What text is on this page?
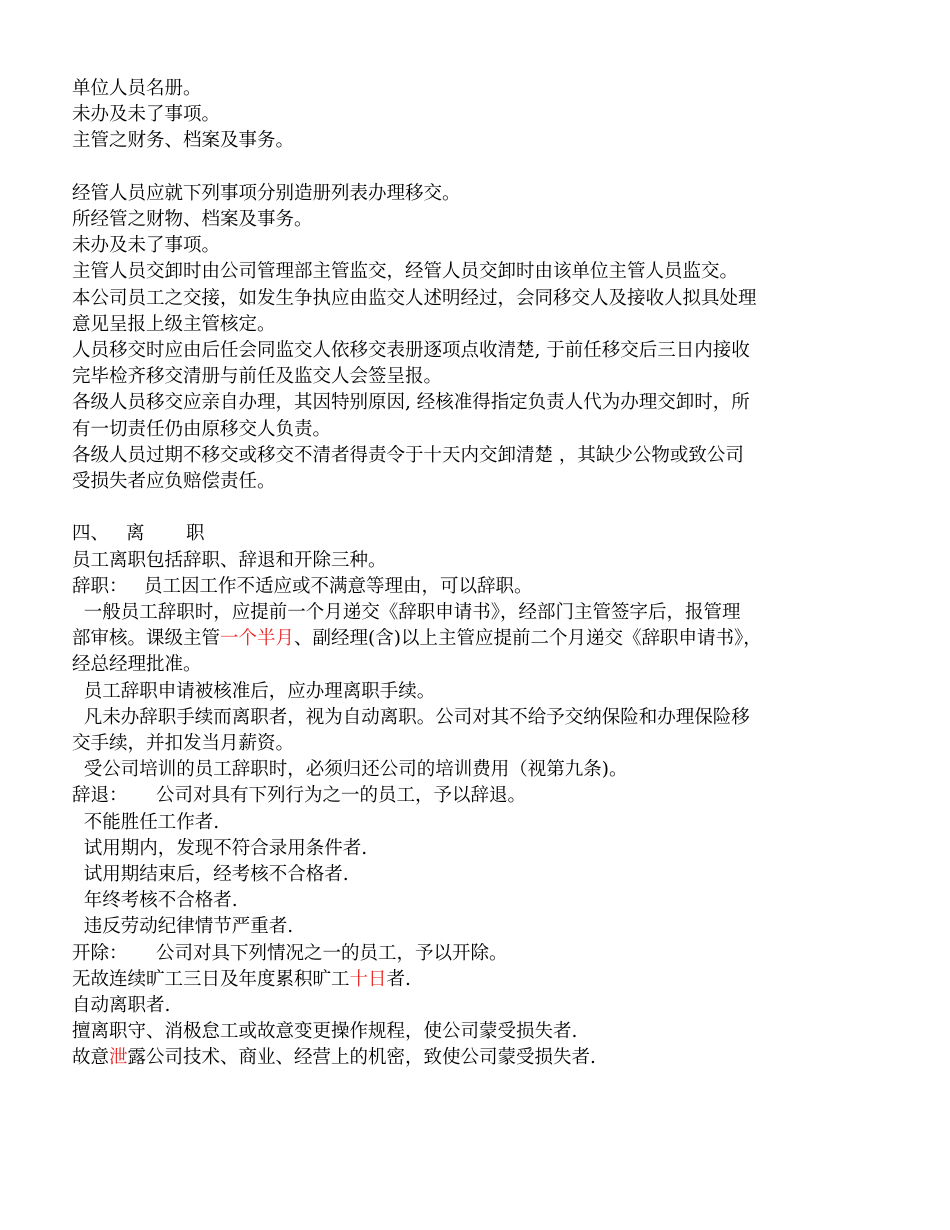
单位人员名册。
未办及未了事项。
主管之财务、档案及事务。
经管人员应就下列事项分别造册列表办理移交。
所经管之财物、档案及事务。
未办及未了事项。
主管人员交卸时由公司管理部主管监交，经管人员交卸时由该单位主管人员监交。
本公司员工之交接，如发生争执应由监交人述明经过，会同移交人及接收人拟具处理
意见呈报上级主管核定。
人员移交时应由后任会同监交人依移交表册逐项点收清楚, 于前任移交后三日内接收
完毕检齐移交清册与前任及监交人会签呈报。
各级人员移交应亲自办理，其因特别原因, 经核准得指定负责人代为办理交卸时，所
有一切责任仍由原移交人负责。
各级人员过期不移交或移交不清者得责令于十天内交卸清楚 ，其缺少公物或致公司
受损失者应负赔偿责任。
四、 离 职
员工离职包括辞职、辞退和开除三种。
辞职： 员工因工作不适应或不满意等理由，可以辞职。
一般员工辞职时，应提前一个月递交《辞职申请书》，经部门主管签字后，报管理
部审核。课级主管一个半月、副经理(含)以上主管应提前二个月递交《辞职申请书》，
经总经理批准。
员工辞职申请被核准后，应办理离职手续。
凡未办辞职手续而离职者，视为自动离职。公司对其不给予交纳保险和办理保险移
交手续，并扣发当月薪资。
受公司培训的员工辞职时，必须归还公司的培训费用（视第九条)。
辞退： 公司对具有下列行为之一的员工，予以辞退。
不能胜任工作者.
试用期内，发现不符合录用条件者.
试用期结束后，经考核不合格者.
年终考核不合格者.
违反劳动纪律情节严重者.
开除： 公司对具下列情况之一的员工，予以开除。
无故连续旷工三日及年度累积旷工十日者.
自动离职者.
擅离职守、消极怠工或故意变更操作规程，使公司蒙受损失者.
故意泄露公司技术、商业、经营上的机密，致使公司蒙受损失者.
